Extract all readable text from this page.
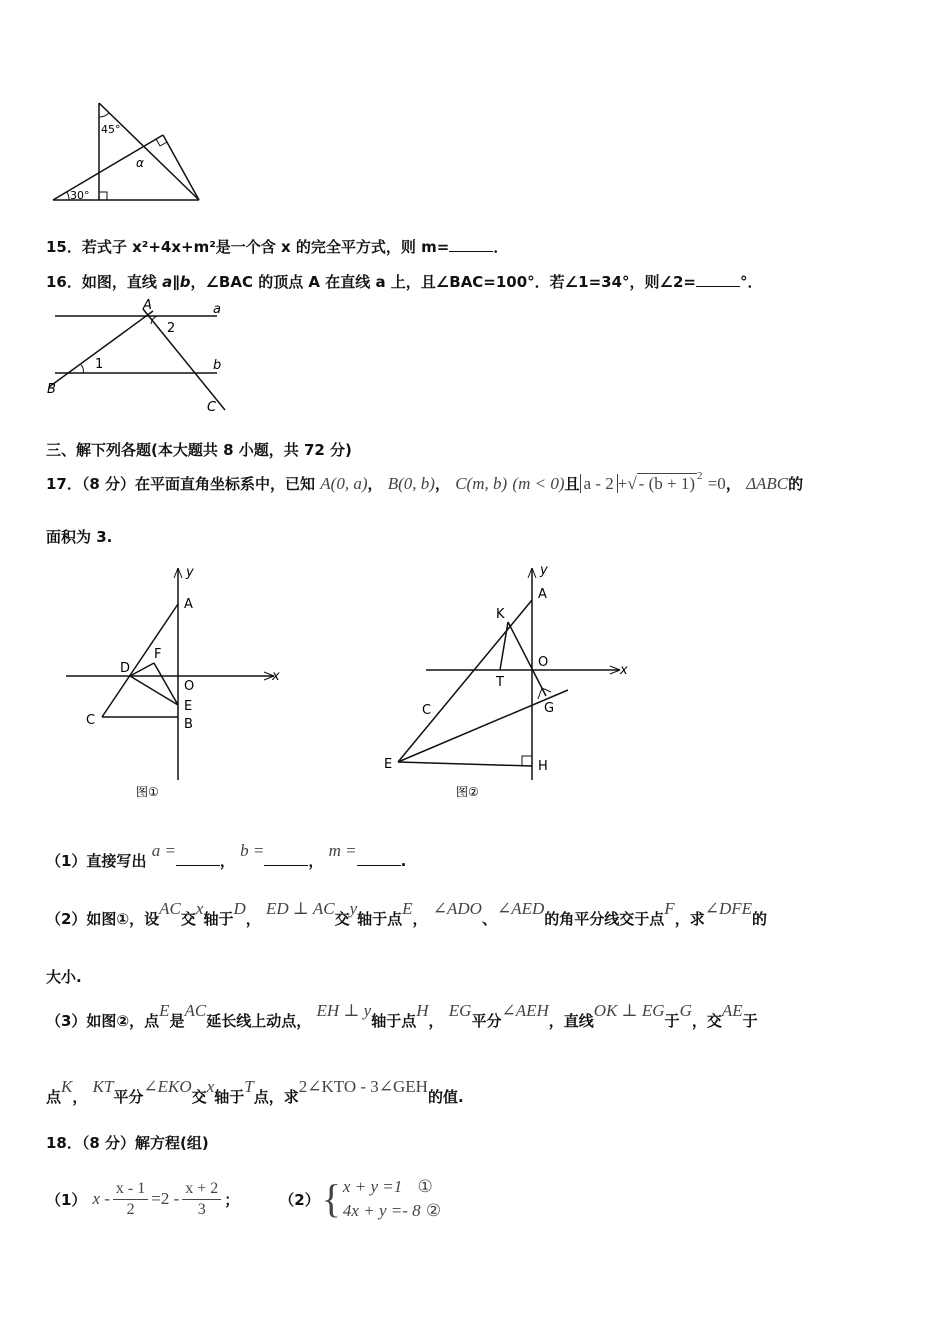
45°
α
30°
15．若式子 x²+4x+m²是一个含 x 的完全平方式，则 m=	．
16．如图，直线 a∥b，∠BAC 的顶点 A 在直线 a 上，且∠BAC=100°．若∠1=34°，则∠2=	°．
A
2
a
1	b
B
C
三、解下列各题(本大题共 8 小题，共 72 分)
17．（8 分）在平面直角坐标系中，已知 A(0, a)， B(0, b)， C(m, b) (m < 0)且 a - 2 +√ - (b + 1) $^2$ =0， ΔABC的
面积为 3.
y
A
F
D
x
O
E
B
C
图①
y
A
K
O
x
T
C	G
E	H
图②
（1）直接写出 a =， b =， m =.
（2）如图①，设AC交x轴于D， ED ⊥ AC交y轴于点E， ∠ADO、∠AED的角平分线交于点F，求∠DFE的
大小.
（3）如图②，点E是AC延长线上动点， EH ⊥ y轴于点H， EG平分∠AEH，直线OK ⊥ EG于G，交AE于
点K， KT平分∠EKO交x轴于T点，求2∠KTO - 3∠GEH的值.
18．（8 分）解方程(组)
（1） $x - \frac{x - 1}{2} =2 - \frac{x + 2}{3}$ ；	（2） { x + y =1 ①
4x + y =- 8 ②
